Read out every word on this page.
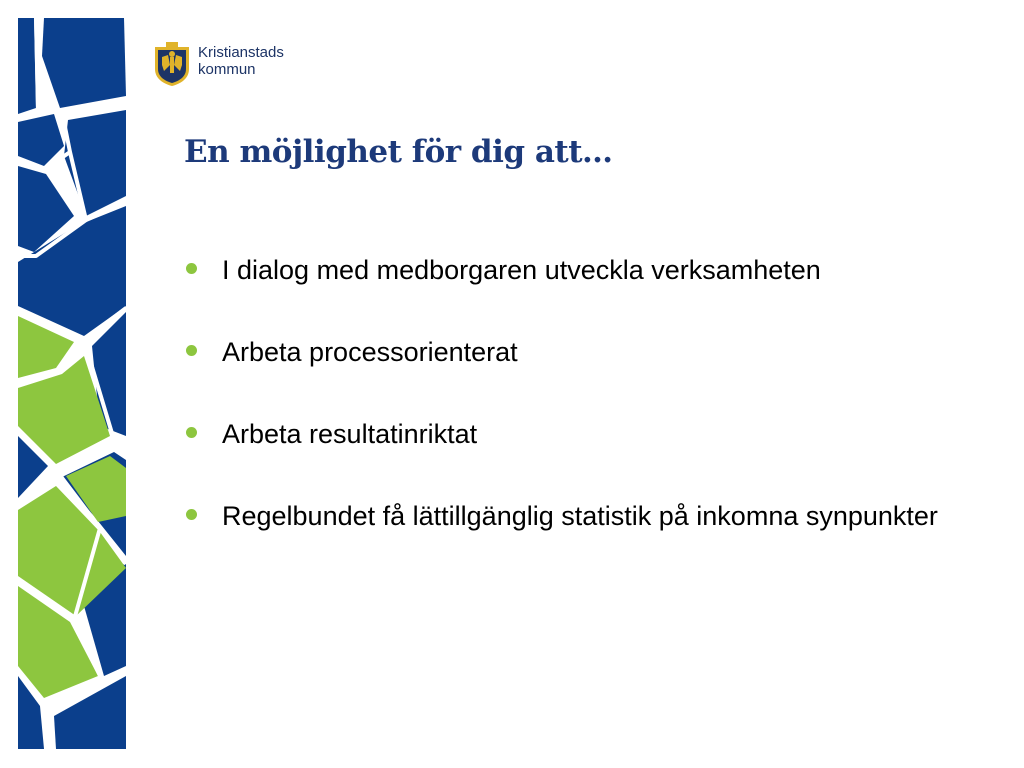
Kristianstads
kommun
En möjlighet för dig att…
I dialog med medborgaren utveckla verksamheten
Arbeta processorienterat
Arbeta resultatinriktat
Regelbundet få lättillgänglig statistik på inkomna synpunkter
